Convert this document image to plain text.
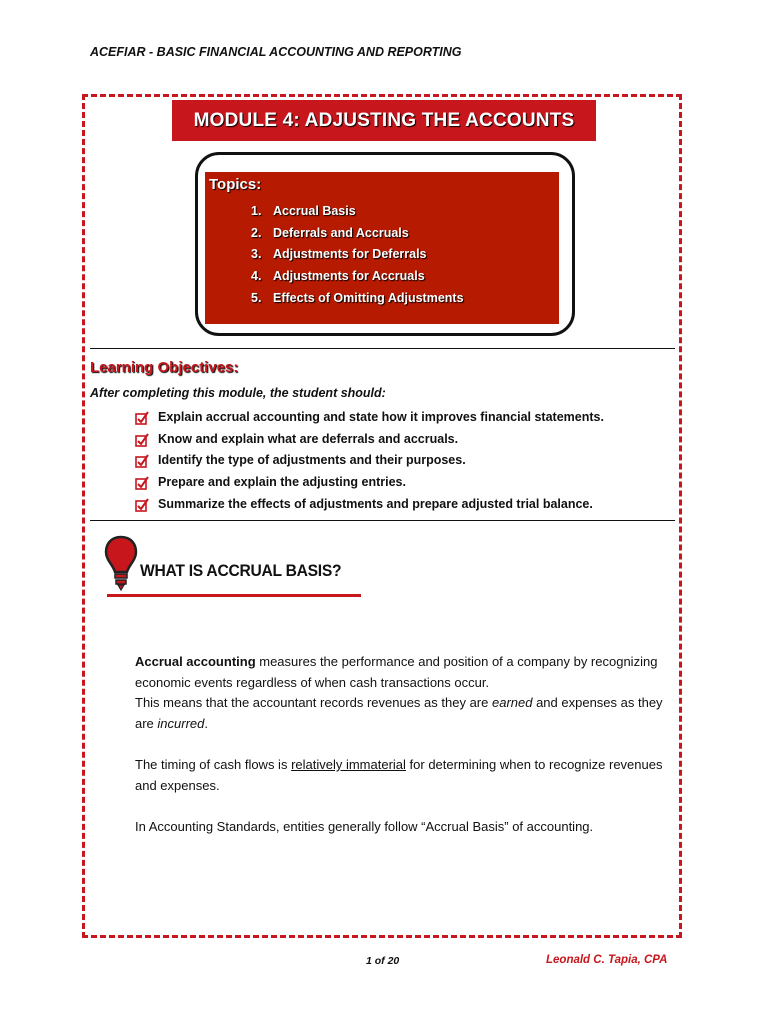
ACEFIAR - BASIC FINANCIAL ACCOUNTING AND REPORTING
MODULE 4: ADJUSTING THE ACCOUNTS
Topics:
1. Accrual Basis
2. Deferrals and Accruals
3. Adjustments for Deferrals
4. Adjustments for Accruals
5. Effects of Omitting Adjustments
Learning Objectives:
After completing this module, the student should:
Explain accrual accounting and state how it improves financial statements.
Know and explain what are deferrals and accruals.
Identify the type of adjustments and their purposes.
Prepare and explain the adjusting entries.
Summarize the effects of adjustments and prepare adjusted trial balance.
WHAT IS ACCRUAL BASIS?
Accrual accounting measures the performance and position of a company by recognizing economic events regardless of when cash transactions occur.
This means that the accountant records revenues as they are earned and expenses as they are incurred.
The timing of cash flows is relatively immaterial for determining when to recognize revenues and expenses.
In Accounting Standards, entities generally follow “Accrual Basis” of accounting.
1 of 20	Leonald C. Tapia, CPA
